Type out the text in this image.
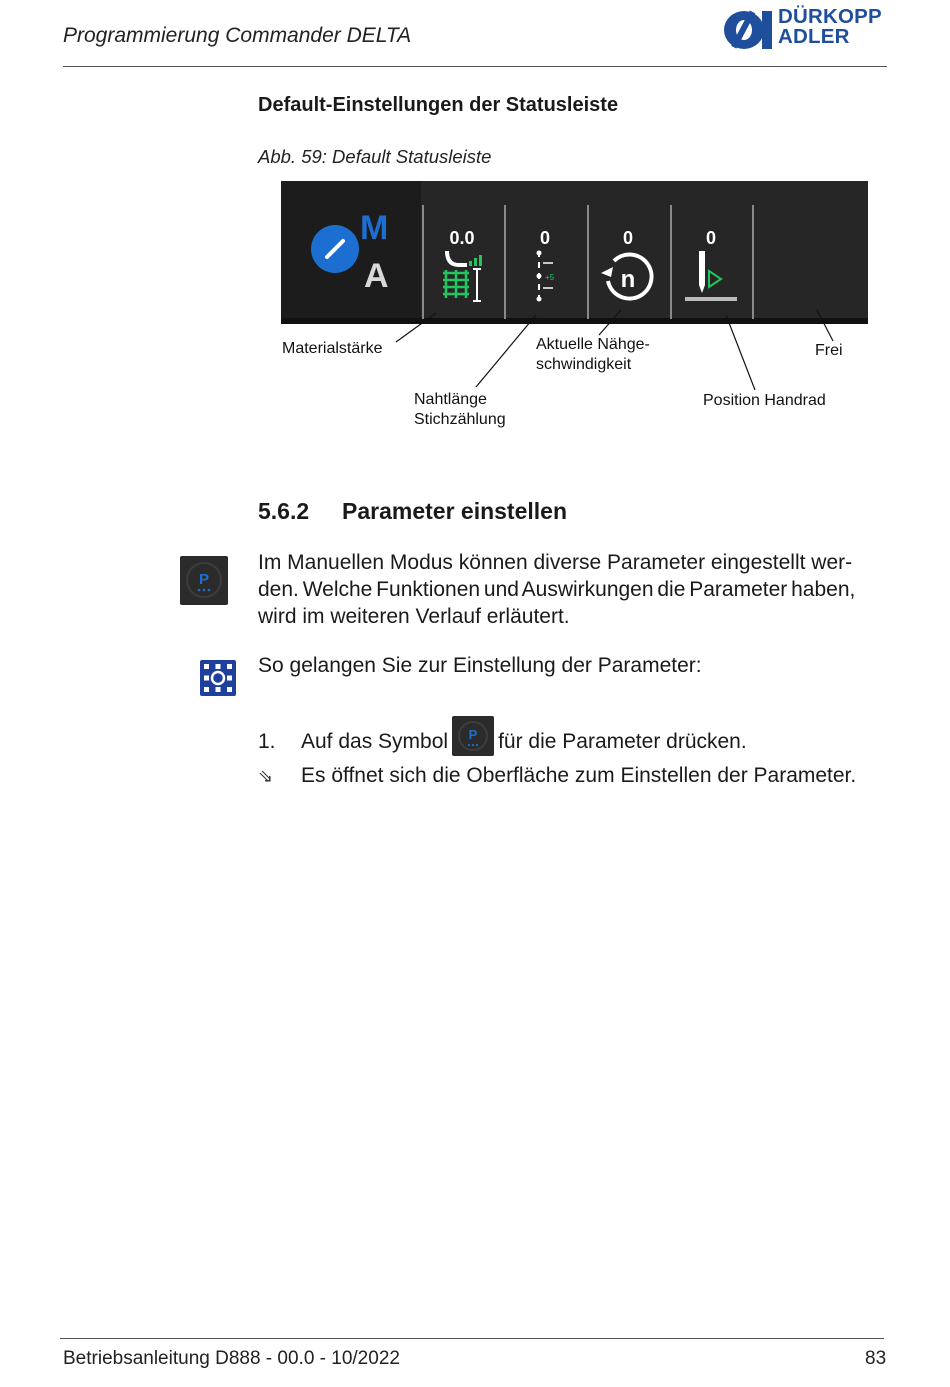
Programmierung Commander DELTA
DÜRKOPP
ADLER
Default-Einstellungen der Statusleiste
Abb. 59: Default Statusleiste
M
A
0.0	0	0	0
+5	n
Materialstärke
Nahtlänge
Stichzählung
Aktuelle Nähge-
schwindigkeit
Position Handrad
Frei
5.6.2 Parameter einstellen
P
Im Manuellen Modus können diverse Parameter eingestellt wer-
den. Welche Funktionen und Auswirkungen die Parameter haben,
wird im weiteren Verlauf erläutert.
So gelangen Sie zur Einstellung der Parameter:
1. Auf das Symbol P für die Parameter drücken.
⇘ Es öffnet sich die Oberfläche zum Einstellen der Parameter.
Betriebsanleitung D888 - 00.0 - 10/2022	83
